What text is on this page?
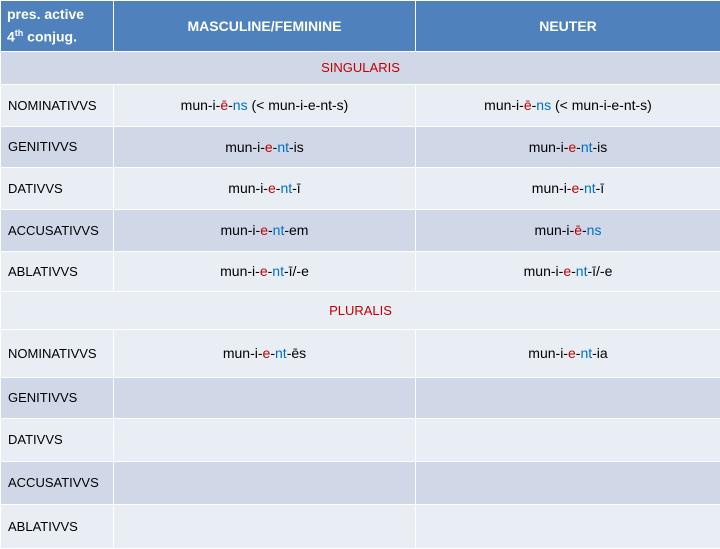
pres. active
4th conjug.	MASCULINE/FEMININE	NEUTER
SINGULARIS		
NOMINATIVVS	mun-i-ē-ns (< mun-i-e-nt-s)	mun-i-ē-ns (< mun-i-e-nt-s)
GENITIVVS	mun-i-e-nt-is	mun-i-e-nt-is
DATIVVS	mun-i-e-nt-ī	mun-i-e-nt-ī
ACCUSATIVVS	mun-i-e-nt-em	mun-i-ē-ns
ABLATIVVS	mun-i-e-nt-ī/-e	mun-i-e-nt-ī/-e
PLURALIS		
NOMINATIVVS	mun-i-e-nt-ēs	mun-i-e-nt-ia
GENITIVVS		
DATIVVS		
ACCUSATIVVS		
ABLATIVVS		
